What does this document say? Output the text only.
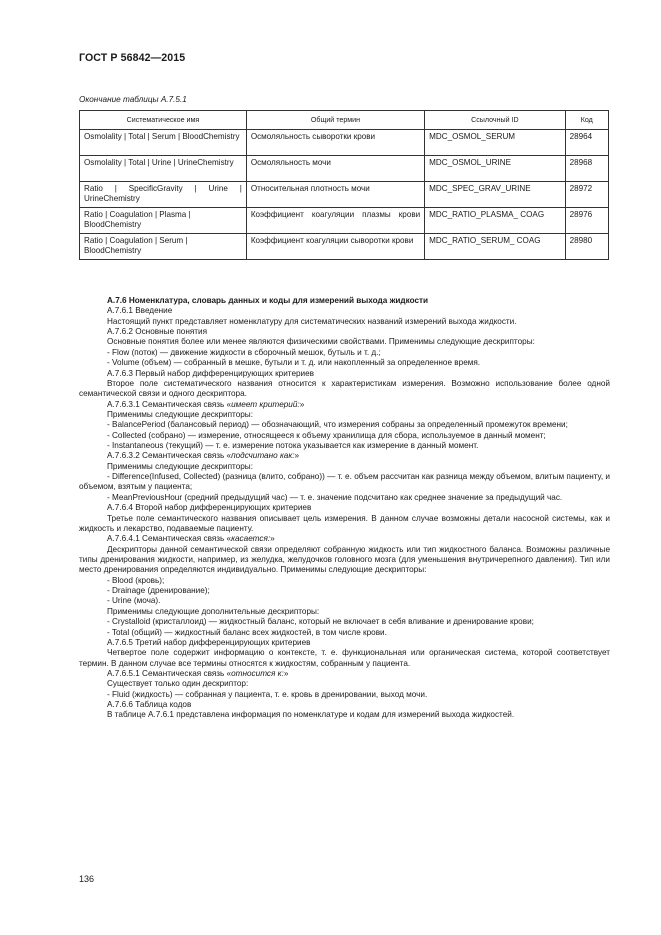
ГОСТ Р 56842—2015
Окончание таблицы А.7.5.1
Систематическое имя	Общий термин	Ссылочный ID	Код
Osmolality | Total | Serum | BloodChemistry	Осмоляльность сыворотки крови	MDC_OSMOL_SERUM	28964
Osmolality | Total | Urine | UrineChemistry	Осмоляльность мочи	MDC_OSMOL_URINE	28968
Ratio | SpecificGravity | Urine | UrineChemistry	Относительная плотность мочи	MDC_SPEC_GRAV_URINE	28972
Ratio | Coagulation | Plasma | BloodChemistry	Коэффициент коагуляции плазмы крови	MDC_RATIO_PLASMA_ COAG	28976
Ratio | Coagulation | Serum | BloodChemistry	Коэффициент коагуляции сыворотки крови	MDC_RATIO_SERUM_ COAG	28980

А.7.6 Номенклатура, словарь данных и коды для измерений выхода жидкости

А.7.6.1 Введение

Настоящий пункт представляет номенклатуру для систематических названий измерений выхода жидкости.

А.7.6.2 Основные понятия

Основные понятия более или менее являются физическими свойствами. Применимы следующие дескрипторы:

- Flow (поток) — движение жидкости в сборочный мешок, бутыль и т. д.;

- Volume (объем) — собранный в мешке, бутыли и т. д. или накопленный за определенное время.

А.7.6.3 Первый набор дифференцирующих критериев

Второе поле систематического названия относится к характеристикам измерения. Возможно использование более одной семантической связи и одного дескриптора.

А.7.6.3.1 Семантическая связь «имеет критерий:»

Применимы следующие дескрипторы:

- BalancePeriod (балансовый период) — обозначающий, что измерения собраны за определенный промежуток времени;

- Collected (собрано) — измерение, относящееся к объему хранилища для сбора, используемое в данный момент;

- Instantaneous (текущий) — т. е. измерение потока указывается как измерение в данный момент.

А.7.6.3.2 Семантическая связь «подсчитано как:»

Применимы следующие дескрипторы:

- Difference(Infused, Collected) (разница (влито, собрано)) — т. е. объем рассчитан как разница между объемом, влитым пациенту, и объемом, взятым у пациента;

- MeanPreviousHour (средний предыдущий час) — т. е. значение подсчитано как среднее значение за предыдущий час.

А.7.6.4 Второй набор дифференцирующих критериев

Третье поле семантического названия описывает цель измерения. В данном случае возможны детали насосной системы, как и жидкость и лекарство, подаваемые пациенту.

А.7.6.4.1 Семантическая связь «касается:»

Дескрипторы данной семантической связи определяют собранную жидкость или тип жидкостного баланса. Возможны различные типы дренирования жидкости, например, из желудка, желудочков головного мозга (для уменьшения внутричерепного давления). Тип или место дренирования определяются индивидуально. Применимы следующие дескрипторы:

- Blood (кровь);

- Drainage (дренирование);

- Urine (моча).

Применимы следующие дополнительные дескрипторы:

- Crystalloid (кристаллоид) — жидкостный баланс, который не включает в себя вливание и дренирование крови;

- Total (общий) — жидкостный баланс всех жидкостей, в том числе крови.

А.7.6.5 Третий набор дифференцирующих критериев

Четвертое поле содержит информацию о контексте, т. е. функциональная или органическая система, которой соответствует термин. В данном случае все термины относятся к жидкостям, собранным у пациента.

А.7.6.5.1 Семантическая связь «относится к:»

Существует только один дескриптор:

- Fluid (жидкость) — собранная у пациента, т. е. кровь в дренировании, выход мочи.

А.7.6.6 Таблица кодов

В таблице А.7.6.1 представлена информация по номенклатуре и кодам для измерений выхода жидкостей.

136
